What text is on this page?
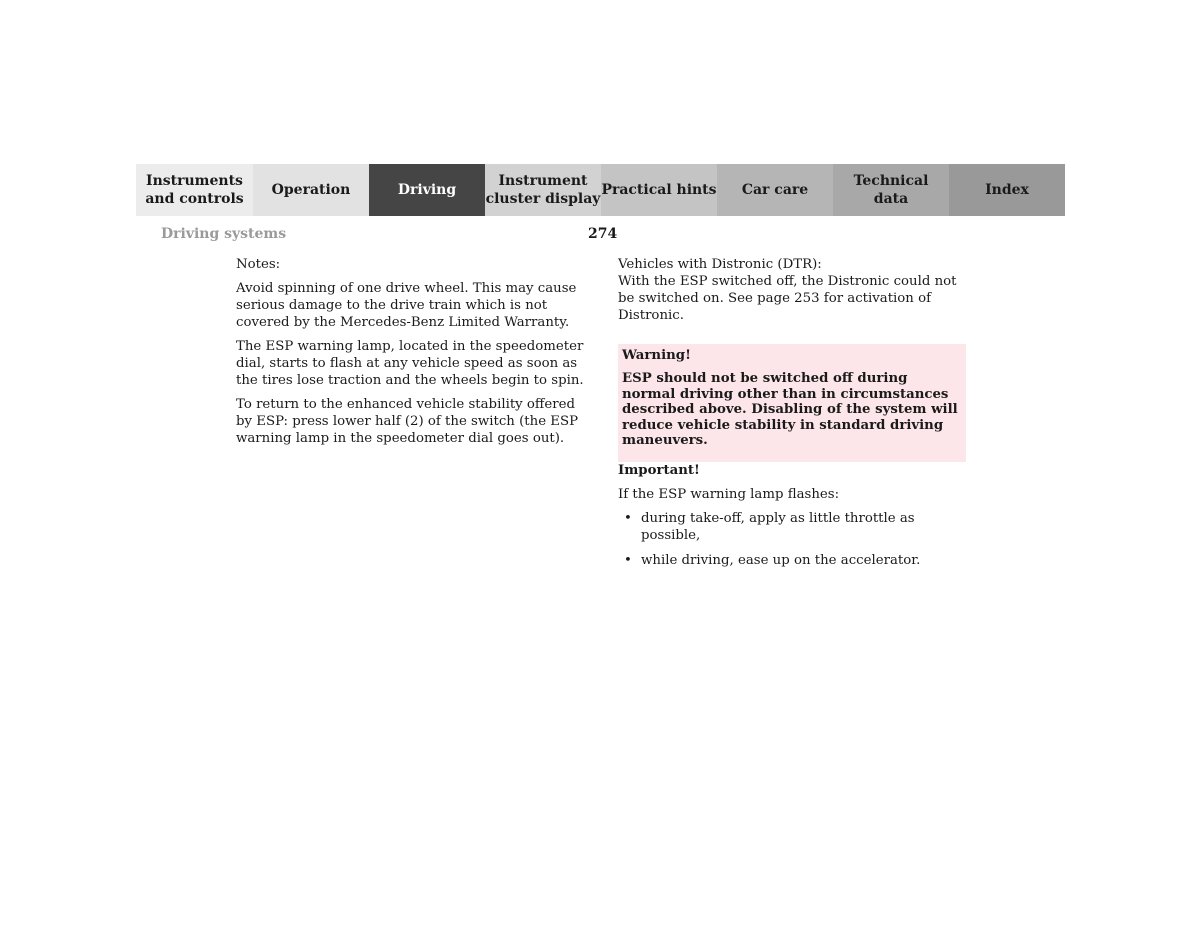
Instruments
and controls
Operation	Driving
Instrument
cluster display
Practical hints	Car care
Technical
data
Index
Driving systems	274

Notes:

Avoid spinning of one drive wheel. This may cause serious damage to the drive train which is not covered by the Mercedes-Benz Limited Warranty.

The ESP warning lamp, located in the speedometer dial, starts to flash at any vehicle speed as soon as the tires lose traction and the wheels begin to spin.

To return to the enhanced vehicle stability offered by ESP: press lower half (2) of the switch (the ESP warning lamp in the speedometer dial goes out).

Vehicles with Distronic (DTR):
With the ESP switched off, the Distronic could not be switched on. See page 253 for activation of Distronic.

Warning!

ESP should not be switched off during normal driving other than in circumstances described above. Disabling of the system will reduce vehicle stability in standard driving maneuvers.

Important!

If the ESP warning lamp flashes:

• during take-off, apply as little throttle as possible,
• while driving, ease up on the accelerator.
